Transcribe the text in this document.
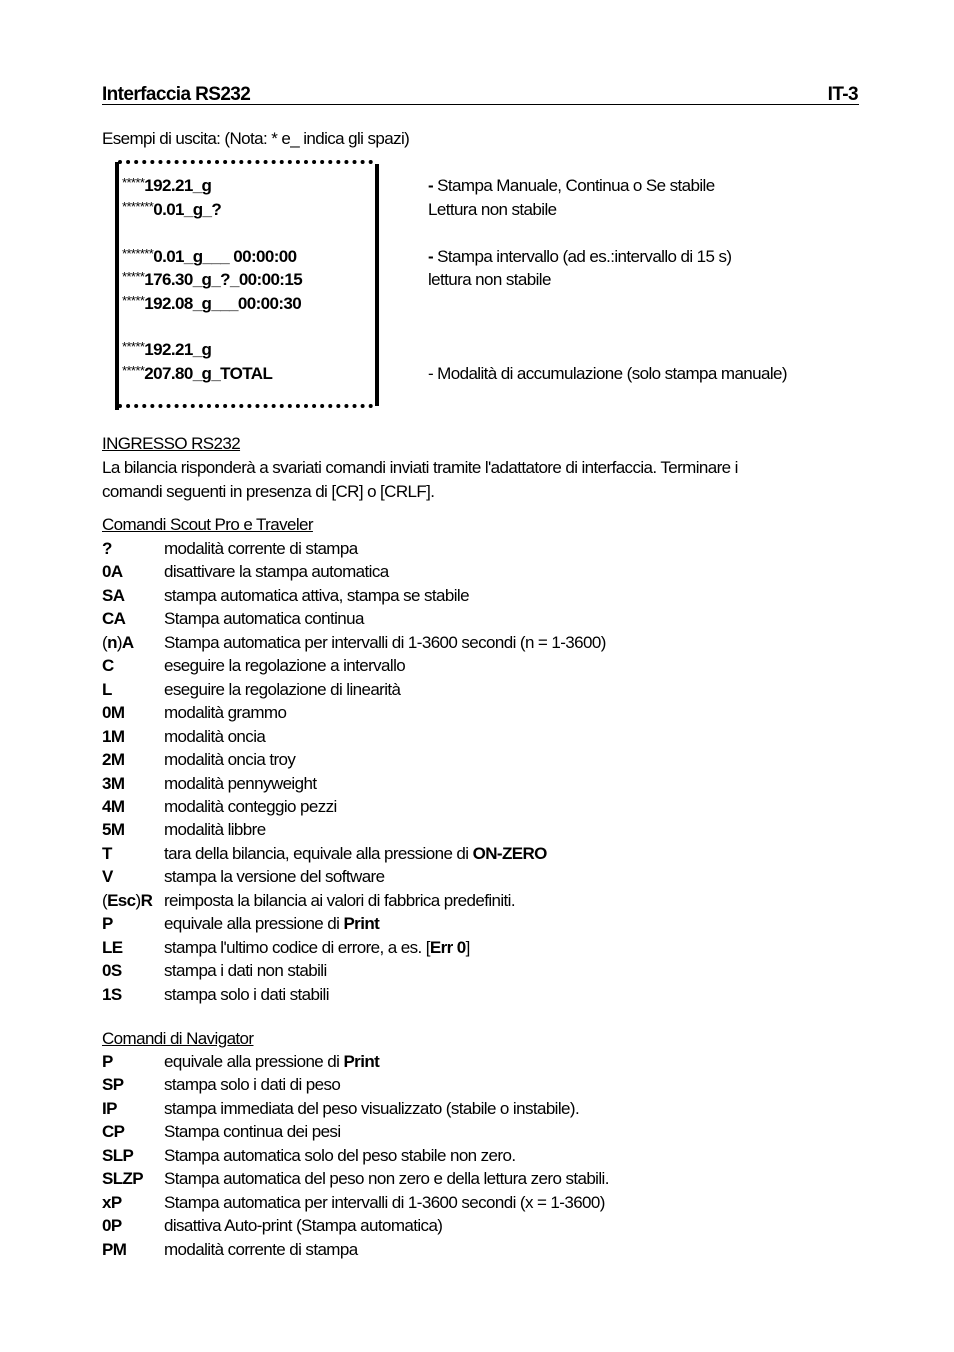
Interfaccia RS232	IT-3
Esempi di uscita: (Nota: * e_ indica gli spazi)
*****192.21_g
*******0.01_g_?
*******0.01_g___ 00:00:00
*****176.30_g_?_00:00:15
*****192.08_g___00:00:30
*****192.21_g
*****207.80_g_TOTAL
- Stampa Manuale, Continua o Se stabile
Lettura non stabile
- Stampa intervallo (ad es.:intervallo di 15 s)
lettura non stabile
- Modalità di accumulazione (solo stampa manuale)
INGRESSO RS232
La bilancia risponderà a svariati comandi inviati tramite l'adattatore di interfaccia. Terminare i
comandi seguenti in presenza di [CR] o [CRLF].
Comandi Scout Pro e Traveler
?	modalità corrente di stampa
0A disattivare la stampa automatica
SA stampa automatica attiva, stampa se stabile
CA Stampa automatica continua
(n)A Stampa automatica per intervalli di 1-3600 secondi (n = 1-3600)
C	eseguire la regolazione a intervallo
L	eseguire la regolazione di linearità
0M modalità grammo
1M modalità oncia
2M modalità oncia troy
3M modalità pennyweight
4M modalità conteggio pezzi
5M modalità libbre
T	tara della bilancia, equivale alla pressione di ON-ZERO
V	stampa la versione del software
(Esc)R reimposta la bilancia ai valori di fabbrica predefiniti.
P	equivale alla pressione di Print
LE stampa l'ultimo codice di errore, a es. [Err 0]
0S stampa i dati non stabili
1S stampa solo i dati stabili
Comandi di Navigator
P	equivale alla pressione di Print
SP stampa solo i dati di peso
IP	stampa immediata del peso visualizzato (stabile o instabile).
CP Stampa continua dei pesi
SLP Stampa automatica solo del peso stabile non zero.
SLZP Stampa automatica del peso non zero e della lettura zero stabili.
xP Stampa automatica per intervalli di 1-3600 secondi (x = 1-3600)
0P disattiva Auto-print (Stampa automatica)
PM modalità corrente di stampa
